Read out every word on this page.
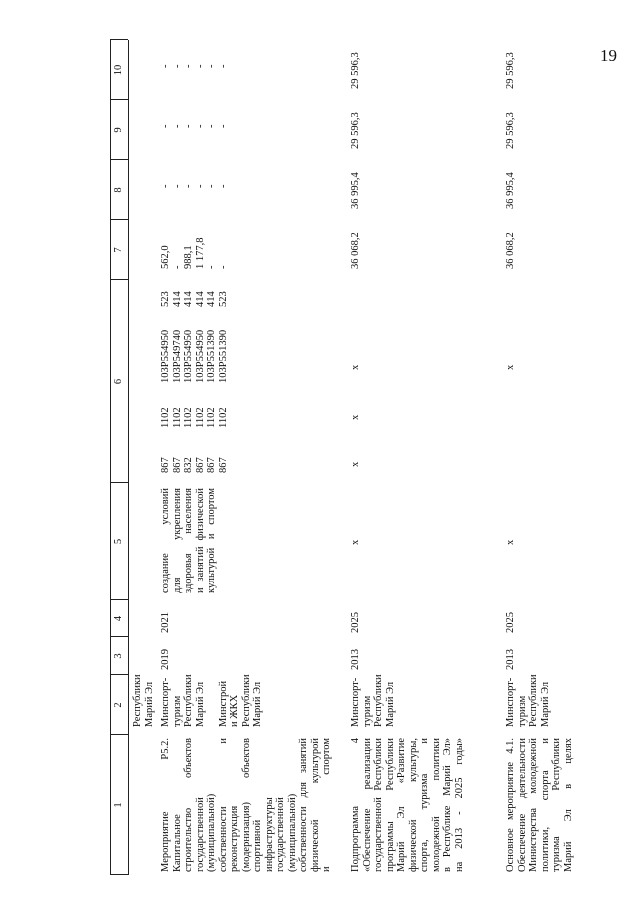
19
1
2
3
4
5
6
7
8
9
10
Республики
Марий Эл
Мероприятие Р5.2.
Капитальное
строительство объектов
государственной
(муниципальной)
собственности и
реконструкция
(модернизация) объектов
спортивной
инфраструктуры
государственной
(муниципальной)
собственности для занятий
физической культурой
и спортом
Минспорт-
туризм
Республики
Марий Эл

Минстрой
и ЖКХ
Республики
Марий Эл
2019
2021
создание условий
для укрепления
здоровья населения
и занятий физической
культурой и спортом
867
867
832
867
867
867
1102
1102
1102
1102
1102
1102
103P554950
103P549740
103P554950
103P554950
103P551390
103P551390
523
414
414
414
414
523
562,0
-
988,1
1 177,8
-
-
-
-
-
-
-
-
-
-
-
-
-
-
-
-
-
-
-
-
Подпрограмма 4
«Обеспечение реализации
государственной Республики
программы Республики
Марий Эл «Развитие
физической культуры,
спорта, туризма и
молодежной политики
в Республике Марий Эл»
на 2013 - 2025 годы»
Минспорт-
туризм
Республики
Марий Эл
2013
2025
х
х
х
х
36 068,2
36 995,4
29 596,3
29 596,3
Основное мероприятие 4.1.
Обеспечение деятельности
Министерства молодежной
политики, спорта и
туризма Республики
Марий Эл в целях
Минспорт-
туризм
Республики
Марий Эл
2013
2025
х
х
36 068,2
36 995,4
29 596,3
29 596,3
